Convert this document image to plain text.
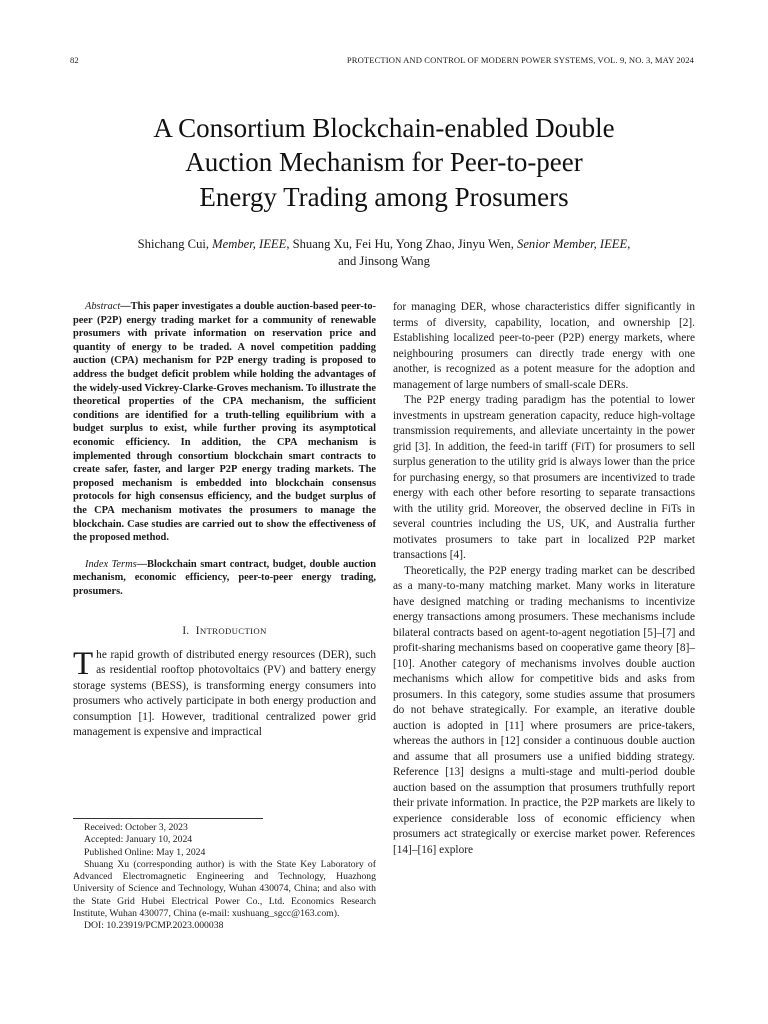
82	PROTECTION AND CONTROL OF MODERN POWER SYSTEMS, VOL. 9, NO. 3, MAY 2024
A Consortium Blockchain-enabled Double
Auction Mechanism for Peer-to-peer
Energy Trading among Prosumers
Shichang Cui, Member, IEEE, Shuang Xu, Fei Hu, Yong Zhao, Jinyu Wen, Senior Member, IEEE,
and Jinsong Wang

Abstract—This paper investigates a double auction-based peer-to-peer (P2P) energy trading market for a community of renewable prosumers with private information on reservation price and quantity of energy to be traded. A novel competition padding auction (CPA) mechanism for P2P energy trading is proposed to address the budget deficit problem while holding the advantages of the widely-used Vickrey-Clarke-Groves mechanism. To illustrate the theoretical properties of the CPA mechanism, the sufficient conditions are identified for a truth-telling equilibrium with a budget surplus to exist, while further proving its asymptotical economic efficiency. In addition, the CPA mechanism is implemented through consortium blockchain smart contracts to create safer, faster, and larger P2P energy trading markets. The proposed mechanism is embedded into blockchain consensus protocols for high consensus efficiency, and the budget surplus of the CPA mechanism motivates the prosumers to manage the blockchain. Case studies are carried out to show the effectiveness of the proposed method.

Index Terms—Blockchain smart contract, budget, double auction mechanism, economic efficiency, peer-to-peer energy trading, prosumers.

I. INTRODUCTION

The rapid growth of distributed energy resources (DER), such as residential rooftop photovoltaics (PV) and battery energy storage systems (BESS), is transforming energy consumers into prosumers who actively participate in both energy production and consumption [1]. However, traditional centralized power grid management is expensive and impractical

Received: October 3, 2023

Accepted: January 10, 2024

Published Online: May 1, 2024

Shuang Xu (corresponding author) is with the State Key Laboratory of Advanced Electromagnetic Engineering and Technology, Huazhong University of Science and Technology, Wuhan 430074, China; and also with the State Grid Hubei Electrical Power Co., Ltd. Economics Research Institute, Wuhan 430077, China (e-mail: xushuang_sgcc@163.com).

DOI: 10.23919/PCMP.2023.000038

for managing DER, whose characteristics differ significantly in terms of diversity, capability, location, and ownership [2]. Establishing localized peer-to-peer (P2P) energy markets, where neighbouring prosumers can directly trade energy with one another, is recognized as a potent measure for the adoption and management of large numbers of small-scale DERs.

The P2P energy trading paradigm has the potential to lower investments in upstream generation capacity, reduce high-voltage transmission requirements, and alleviate uncertainty in the power grid [3]. In addition, the feed-in tariff (FiT) for prosumers to sell surplus generation to the utility grid is always lower than the price for purchasing energy, so that prosumers are incentivized to trade energy with each other before resorting to separate transactions with the utility grid. Moreover, the observed decline in FiTs in several countries including the US, UK, and Australia further motivates prosumers to take part in localized P2P market transactions [4].

Theoretically, the P2P energy trading market can be described as a many-to-many matching market. Many works in literature have designed matching or trading mechanisms to incentivize energy transactions among prosumers. These mechanisms include bilateral contracts based on agent-to-agent negotiation [5]–[7] and profit-sharing mechanisms based on cooperative game theory [8]–[10]. Another category of mechanisms involves double auction mechanisms which allow for competitive bids and asks from prosumers. In this category, some studies assume that prosumers do not behave strategically. For example, an iterative double auction is adopted in [11] where prosumers are price-takers, whereas the authors in [12] consider a continuous double auction and assume that all prosumers use a unified bidding strategy. Reference [13] designs a multi-stage and multi-period double auction based on the assumption that prosumers truthfully report their private information. In practice, the P2P markets are likely to experience considerable loss of economic efficiency when prosumers act strategically or exercise market power. References [14]–[16] explore
